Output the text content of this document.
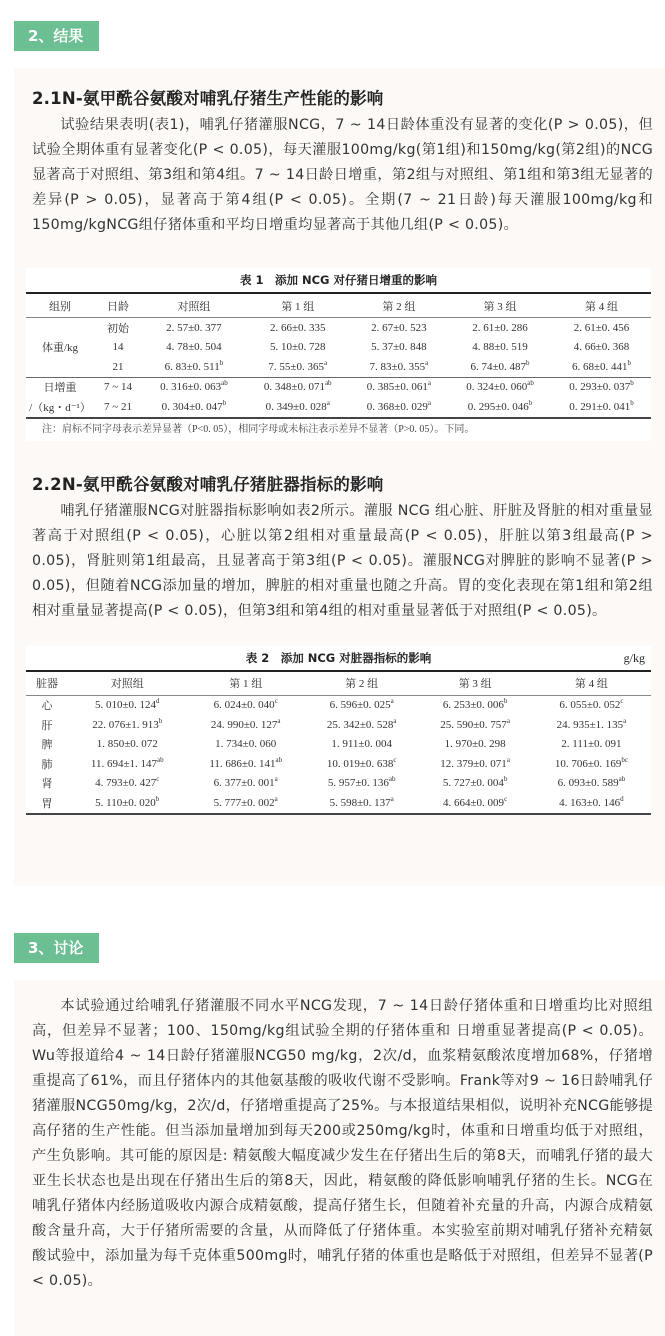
2、结果
2.1N-氨甲酰谷氨酸对哺乳仔猪生产性能的影响

试验结果表明(表1)，哺乳仔猪灌服NCG，7 ~ 14日龄体重没有显著的变化(P > 0.05)，但试验全期体重有显著变化(P < 0.05)，每天灌服100mg/kg(第1组)和150mg/kg(第2组)的NCG显著高于对照组、第3组和第4组。7 ~ 14日龄日增重，第2组与对照组、第1组和第3组无显著的差异(P > 0.05)，显著高于第4组(P < 0.05)。全期(7 ~ 21日龄)每天灌服100mg/kg和150mg/kgNCG组仔猪体重和平均日增重均显著高于其他几组(P < 0.05)。

表 1　添加 NCG 对仔猪日增重的影响
组别	日龄	对照组	第 1 组	第 2 组	第 3 组	第 4 组
体重/kg	初始	2. 57±0. 377	2. 66±0. 335	2. 67±0. 523	2. 61±0. 286	2. 61±0. 456
	14	4. 78±0. 504	5. 10±0. 728	5. 37±0. 848	4. 88±0. 519	4. 66±0. 368
	21	6. 83±0. 511$^b$	7. 55±0. 365$^a$	7. 83±0. 355$^a$	6. 74±0. 487$^b$	6. 68±0. 441$^b$
日增重	7 ~ 14	0. 316±0. $063^{ab}$	0. 348±0. $071^{ab}$	0. 385±0. 061$^a$	0. 324±0. $060^{ab}$	0. 293±0. 037$^b$
/（kg・d⁻¹）	7 ~ 21	0. 304±0. 047$^b$	0. 349±0. 028$^a$	0. 368±0. 029$^a$	0. 295±0. 046$^b$	0. 291±0. 041$^b$
注：肩标不同字母表示差异显著（P<0. 05），相同字母或未标注表示差异不显著（P>0. 05）。下同。
2.2N-氨甲酰谷氨酸对哺乳仔猪脏器指标的影响

哺乳仔猪灌服NCG对脏器指标影响如表2所示。灌服 NCG 组心脏、肝脏及肾脏的相对重量显著高于对照组(P < 0.05)，心脏以第2组相对重量最高(P < 0.05)，肝脏以第3组最高(P > 0.05)，肾脏则第1组最高，且显著高于第3组(P < 0.05)。灌服NCG对脾脏的影响不显著(P > 0.05)，但随着NCG添加量的增加，脾脏的相对重量也随之升高。胃的变化表现在第1组和第2组相对重量显著提高(P < 0.05)，但第3组和第4组的相对重量显著低于对照组(P < 0.05)。

表 2　添加 NCG 对脏器指标的影响	g/kg
脏器	对照组	第 1 组	第 2 组	第 3 组	第 4 组
心	5. 010±0. 124$^d$	6. 024±0. 040$^c$	6. 596±0. 025$^a$	6. 253±0. 006$^b$	6. 055±0. 052$^c$
肝	22. 076±1. 913$^b$	24. 990±0. 127$^a$	25. 342±0. 528$^a$	25. 590±0. 757$^a$	24. 935±1. 135$^a$
脾	1. 850±0. 072	1. 734±0. 060	1. 911±0. 004	1. 970±0. 298	2. 111±0. 091
肺	11. 694±1. $147^{ab}$	11. 686±0. $141^{ab}$	10. 019±0. 638$^c$	12. 379±0. 071$^a$	10. 706±0. $169^{bc}$
肾	4. 793±0. 427$^c$	6. 377±0. 001$^a$	5. 957±0. $136^{ab}$	5. 727±0. 004$^b$	6. 093±0. $589^{ab}$
胃	5. 110±0. 020$^b$	5. 777±0. 002$^a$	5. 598±0. 137$^a$	4. 664±0. 009$^c$	4. 163±0. 146$^d$
3、讨论

本试验通过给哺乳仔猪灌服不同水平NCG发现，7 ~ 14日龄仔猪体重和日增重均比对照组高，但差异不显著；100、150mg/kg组试验全期的仔猪体重和 日增重显著提高(P < 0.05)。Wu等报道给4 ~ 14日龄仔猪灌服NCG50 mg/kg，2次/d，血浆精氨酸浓度增加68%，仔猪增重提高了61%，而且仔猪体内的其他氨基酸的吸收代谢不受影响。Frank等对9 ~ 16日龄哺乳仔猪灌服NCG50mg/kg，2次/d，仔猪增重提高了25%。与本报道结果相似，说明补充NCG能够提高仔猪的生产性能。但当添加量增加到每天200或250mg/kg时，体重和日增重均低于对照组，产生负影响。其可能的原因是: 精氨酸大幅度减少发生在仔猪出生后的第8天，而哺乳仔猪的最大亚生长状态也是出现在仔猪出生后的第8天，因此，精氨酸的降低影响哺乳仔猪的生长。NCG在哺乳仔猪体内经肠道吸收内源合成精氨酸，提高仔猪生长，但随着补充量的升高，内源合成精氨酸含量升高，大于仔猪所需要的含量，从而降低了仔猪体重。本实验室前期对哺乳仔猪补充精氨酸试验中，添加量为每千克体重500mg时，哺乳仔猪的体重也是略低于对照组，但差异不显著(P < 0.05)。
